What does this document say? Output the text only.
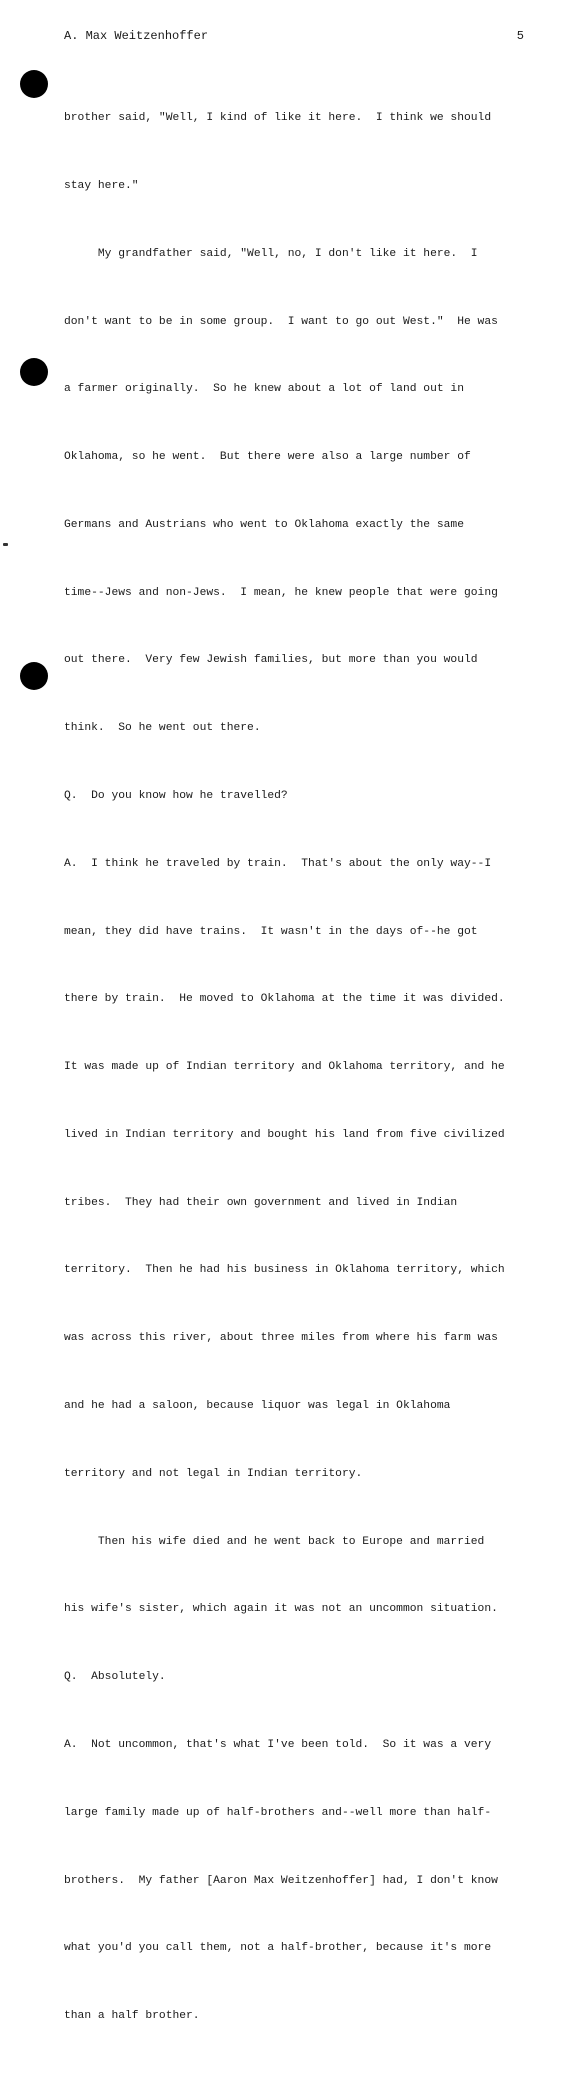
A. Max Weitzenhoffer	5

brother said, "Well, I kind of like it here.  I think we should

stay here."

My grandfather said, "Well, no, I don't like it here.  I

don't want to be in some group.  I want to go out West."  He was

a farmer originally.  So he knew about a lot of land out in

Oklahoma, so he went.  But there were also a large number of

Germans and Austrians who went to Oklahoma exactly the same

time--Jews and non-Jews.  I mean, he knew people that were going

out there.  Very few Jewish families, but more than you would

think.  So he went out there.

Q.  Do you know how he travelled?

A.  I think he traveled by train.  That's about the only way--I

mean, they did have trains.  It wasn't in the days of--he got

there by train.  He moved to Oklahoma at the time it was divided.

It was made up of Indian territory and Oklahoma territory, and he

lived in Indian territory and bought his land from five civilized

tribes.  They had their own government and lived in Indian

territory.  Then he had his business in Oklahoma territory, which

was across this river, about three miles from where his farm was

and he had a saloon, because liquor was legal in Oklahoma

territory and not legal in Indian territory.

Then his wife died and he went back to Europe and married

his wife's sister, which again it was not an uncommon situation.

Q.  Absolutely.

A.  Not uncommon, that's what I've been told.  So it was a very

large family made up of half-brothers and--well more than half-

brothers.  My father [Aaron Max Weitzenhoffer] had, I don't know

what you'd you call them, not a half-brother, because it's more

than a half brother.
